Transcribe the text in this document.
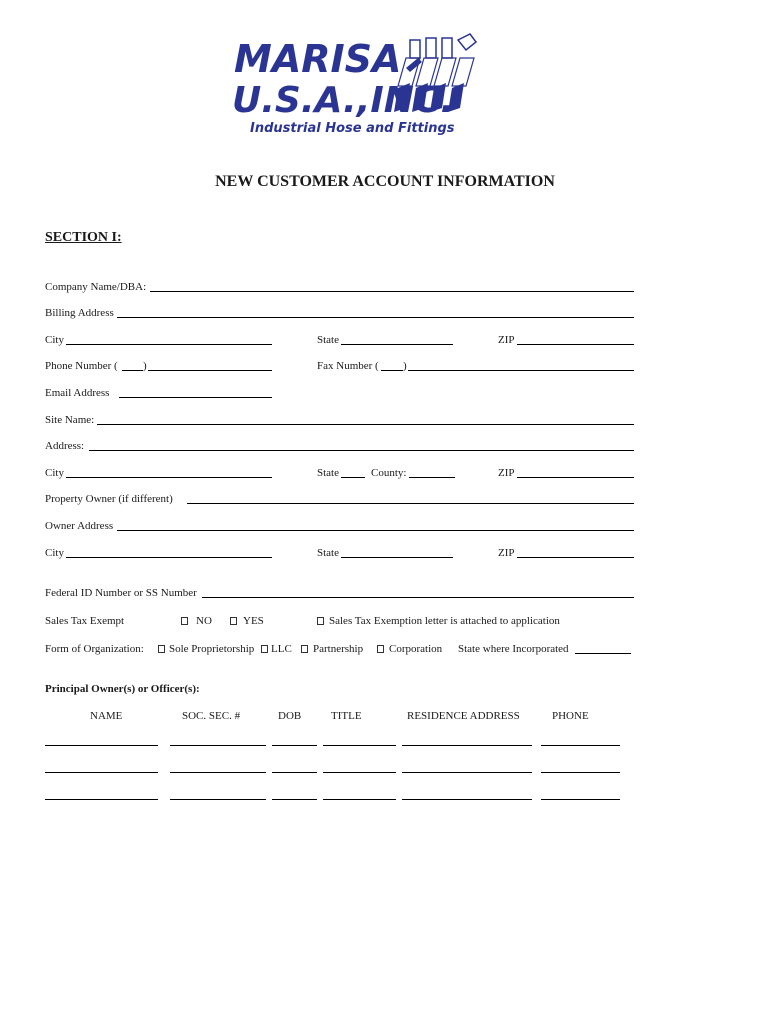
MARISA
U.S.A.,INC.
Industrial Hose and Fittings
NEW CUSTOMER ACCOUNT INFORMATION
SECTION I:
Company Name/DBA:
Billing Address
City	State	ZIP
Phone Number ( )	Fax Number ( )
Email Address
Site Name:
Address:
City	State	County:	ZIP
Property Owner (if different)
Owner Address
City	State	ZIP
Federal ID Number or SS Number
Sales Tax Exempt	NO	YES	Sales Tax Exemption letter is attached to application
Form of Organization: Sole Proprietorship LLC Partnership Corporation State where Incorporated
Principal Owner(s) or Officer(s):
NAME	SOC. SEC. #	DOB	TITLE	RESIDENCE ADDRESS	PHONE
